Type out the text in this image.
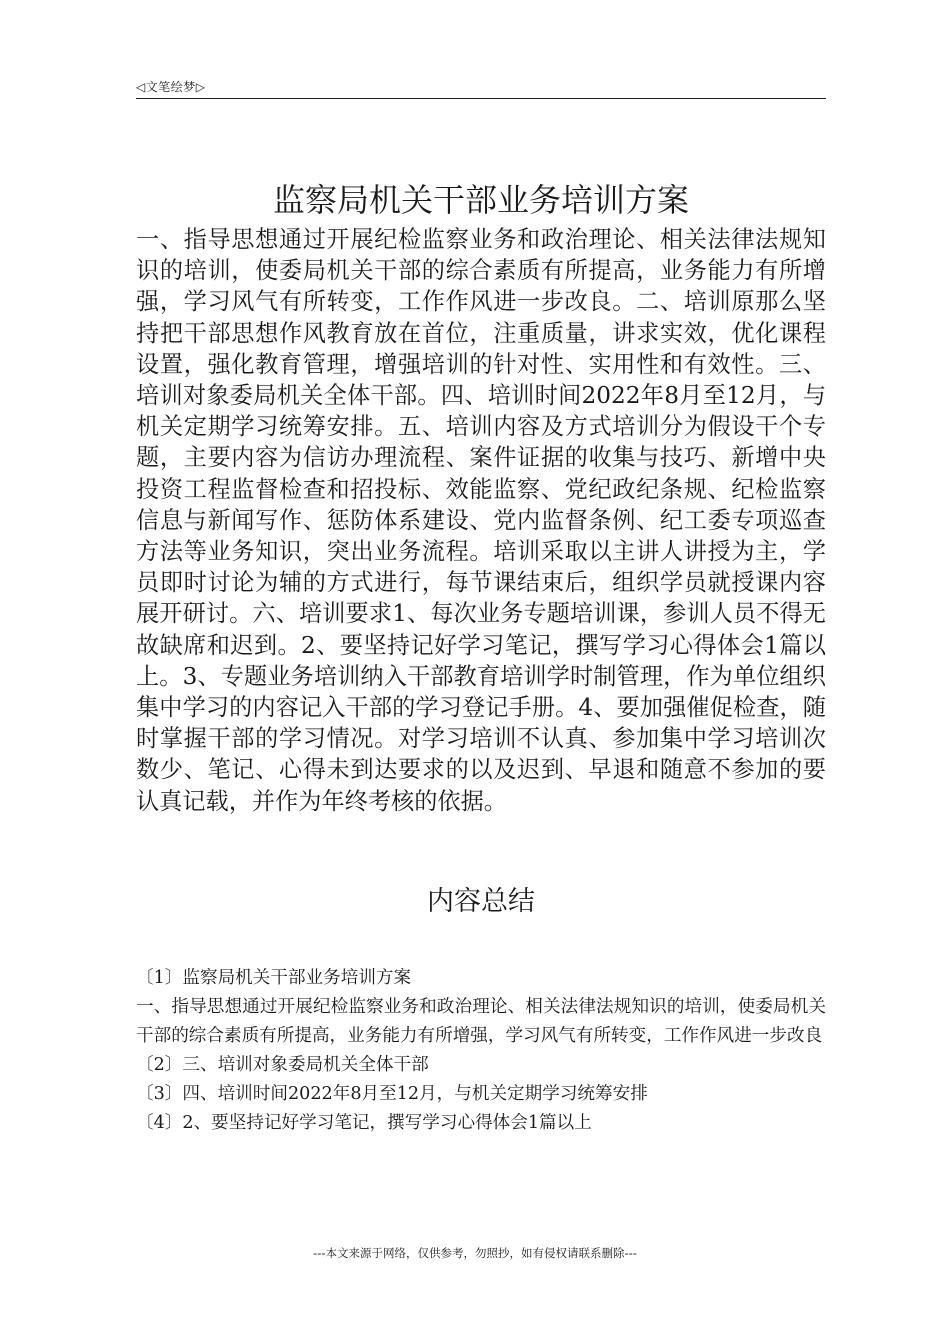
◁文笔绘梦▷
监察局机关干部业务培训方案

一、指导思想通过开展纪检监察业务和政治理论、相关法律法规知识的培训，使委局机关干部的综合素质有所提高，业务能力有所增强，学习风气有所转变，工作作风进一步改良。二、培训原那么坚持把干部思想作风教育放在首位，注重质量，讲求实效，优化课程设置，强化教育管理，增强培训的针对性、实用性和有效性。三、培训对象委局机关全体干部。四、培训时间2022年8月至12月，与机关定期学习统筹安排。五、培训内容及方式培训分为假设干个专题，主要内容为信访办理流程、案件证据的收集与技巧、新增中央投资工程监督检查和招投标、效能监察、党纪政纪条规、纪检监察信息与新闻写作、惩防体系建设、党内监督条例、纪工委专项巡查方法等业务知识，突出业务流程。培训采取以主讲人讲授为主，学员即时讨论为辅的方式进行，每节课结束后，组织学员就授课内容展开研讨。六、培训要求1、每次业务专题培训课，参训人员不得无故缺席和迟到。2、要坚持记好学习笔记，撰写学习心得体会1篇以上。3、专题业务培训纳入干部教育培训学时制管理，作为单位组织集中学习的内容记入干部的学习登记手册。4、要加强催促检查，随时掌握干部的学习情况。对学习培训不认真、参加集中学习培训次数少、笔记、心得未到达要求的以及迟到、早退和随意不参加的要认真记载，并作为年终考核的依据。

内容总结

〔1〕监察局机关干部业务培训方案

一、指导思想通过开展纪检监察业务和政治理论、相关法律法规知识的培训，使委局机关干部的综合素质有所提高，业务能力有所增强，学习风气有所转变，工作作风进一步改良

〔2〕三、培训对象委局机关全体干部

〔3〕四、培训时间2022年8月至12月，与机关定期学习统筹安排

〔4〕2、要坚持记好学习笔记，撰写学习心得体会1篇以上

---本文来源于网络，仅供参考，勿照抄，如有侵权请联系删除---
